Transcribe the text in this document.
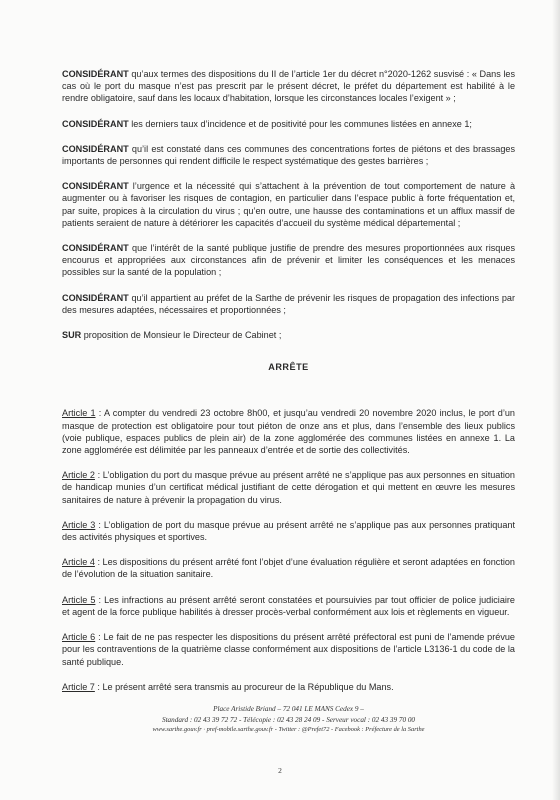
CONSIDÉRANT qu’aux termes des dispositions du II de l’article 1er du décret n°2020-1262 susvisé : « Dans les cas où le port du masque n’est pas prescrit par le présent décret, le préfet du département est habilité à le rendre obligatoire, sauf dans les locaux d’habitation, lorsque les circonstances locales l’exigent » ;

CONSIDÉRANT les derniers taux d’incidence et de positivité pour les communes listées en annexe 1;

CONSIDÉRANT qu’il est constaté dans ces communes des concentrations fortes de piétons et des brassages importants de personnes qui rendent difficile le respect systématique des gestes barrières ;

CONSIDÉRANT l’urgence et la nécessité qui s’attachent à la prévention de tout comportement de nature à augmenter ou à favoriser les risques de contagion, en particulier dans l’espace public à forte fréquentation et, par suite, propices à la circulation du virus ; qu’en outre, une hausse des contaminations et un afflux massif de patients seraient de nature à détériorer les capacités d’accueil du système médical départemental ;

CONSIDÉRANT que l’intérêt de la santé publique justifie de prendre des mesures proportionnées aux risques encourus et appropriées aux circonstances afin de prévenir et limiter les conséquences et les menaces possibles sur la santé de la population ;

CONSIDÉRANT qu’il appartient au préfet de la Sarthe de prévenir les risques de propagation des infections par des mesures adaptées, nécessaires et proportionnées ;

SUR proposition de Monsieur le Directeur de Cabinet ;

ARRÊTE

Article 1 : A compter du vendredi 23 octobre 8h00, et jusqu’au vendredi 20 novembre 2020 inclus, le port d’un masque de protection est obligatoire pour tout piéton de onze ans et plus, dans l’ensemble des lieux publics (voie publique, espaces publics de plein air) de la zone agglomérée des communes listées en annexe 1. La zone agglomérée est délimitée par les panneaux d’entrée et de sortie des collectivités.

Article 2 : L’obligation du port du masque prévue au présent arrêté ne s’applique pas aux personnes en situation de handicap munies d’un certificat médical justifiant de cette dérogation et qui mettent en œuvre les mesures sanitaires de nature à prévenir la propagation du virus.

Article 3 : L’obligation de port du masque prévue au présent arrêté ne s’applique pas aux personnes pratiquant des activités physiques et sportives.

Article 4 : Les dispositions du présent arrêté font l’objet d’une évaluation régulière et seront adaptées en fonction de l’évolution de la situation sanitaire.

Article 5 : Les infractions au présent arrêté seront constatées et poursuivies par tout officier de police judiciaire et agent de la force publique habilités à dresser procès-verbal conformément aux lois et règlements en vigueur.

Article 6 : Le fait de ne pas respecter les dispositions du présent arrêté préfectoral est puni de l’amende prévue pour les contraventions de la quatrième classe conformément aux dispositions de l’article L3136-1 du code de la santé publique.

Article 7 : Le présent arrêté sera transmis au procureur de la République du Mans.

Place Aristide Briand – 72 041 LE MANS Cedex 9 –
Standard : 02 43 39 72 72 - Télécopie : 02 43 28 24 09 - Serveur vocal : 02 43 39 70 00
www.sarthe.gouv.fr · pref-mobile.sarthe.gouv.fr - Twitter : @Prefet72 - Facebook : Préfecture de la Sarthe
2
